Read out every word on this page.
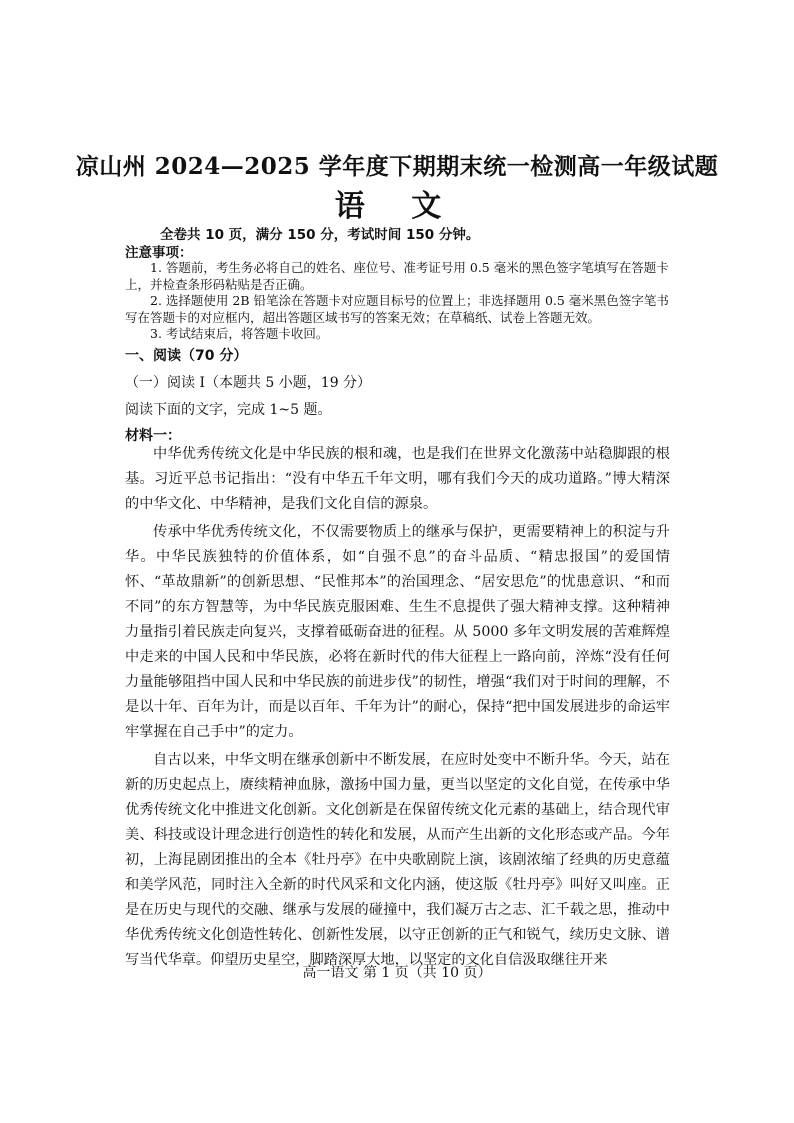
凉山州 2024—2025 学年度下期期末统一检测高一年级试题
语 文
全卷共 10 页，满分 150 分，考试时间 150 分钟。
注意事项：
1. 答题前，考生务必将自己的姓名、座位号、准考证号用 0.5 毫米的黑色签字笔填写在答题卡上，并检查条形码粘贴是否正确。
2. 选择题使用 2B 铅笔涂在答题卡对应题目标号的位置上；非选择题用 0.5 毫米黑色签字笔书写在答题卡的对应框内，超出答题区域书写的答案无效；在草稿纸、试卷上答题无效。
3. 考试结束后，将答题卡收回。
一、阅读（70 分）
（一）阅读 I（本题共 5 小题，19 分）
阅读下面的文字，完成 1~5 题。
材料一：

中华优秀传统文化是中华民族的根和魂，也是我们在世界文化激荡中站稳脚跟的根基。习近平总书记指出：“没有中华五千年文明，哪有我们今天的成功道路。”博大精深的中华文化、中华精神，是我们文化自信的源泉。

传承中华优秀传统文化，不仅需要物质上的继承与保护，更需要精神上的积淀与升华。中华民族独特的价值体系，如“自强不息”的奋斗品质、“精忠报国”的爱国情怀、“革故鼎新”的创新思想、“民惟邦本”的治国理念、“居安思危”的忧患意识、“和而不同”的东方智慧等，为中华民族克服困难、生生不息提供了强大精神支撑。这种精神力量指引着民族走向复兴，支撑着砥砺奋进的征程。从 5000 多年文明发展的苦难辉煌中走来的中国人民和中华民族，必将在新时代的伟大征程上一路向前，淬炼“没有任何力量能够阻挡中国人民和中华民族的前进步伐”的韧性，增强“我们对于时间的理解，不是以十年、百年为计，而是以百年、千年为计”的耐心，保持“把中国发展进步的命运牢牢掌握在自己手中”的定力。

自古以来，中华文明在继承创新中不断发展，在应时处变中不断升华。今天，站在新的历史起点上，赓续精神血脉，激扬中国力量，更当以坚定的文化自觉，在传承中华优秀传统文化中推进文化创新。文化创新是在保留传统文化元素的基础上，结合现代审美、科技或设计理念进行创造性的转化和发展，从而产生出新的文化形态或产品。今年初，上海昆剧团推出的全本《牡丹亭》在中央歌剧院上演，该剧浓缩了经典的历史意蕴和美学风范，同时注入全新的时代风采和文化内涵，使这版《牡丹亭》叫好又叫座。正是在历史与现代的交融、继承与发展的碰撞中，我们凝万古之志、汇千载之思，推动中华优秀传统文化创造性转化、创新性发展，以守正创新的正气和锐气，续历史文脉、谱写当代华章。仰望历史星空，脚踏深厚大地，以坚定的文化自信汲取继往开来

高一语文 第 1 页（共 10 页）
